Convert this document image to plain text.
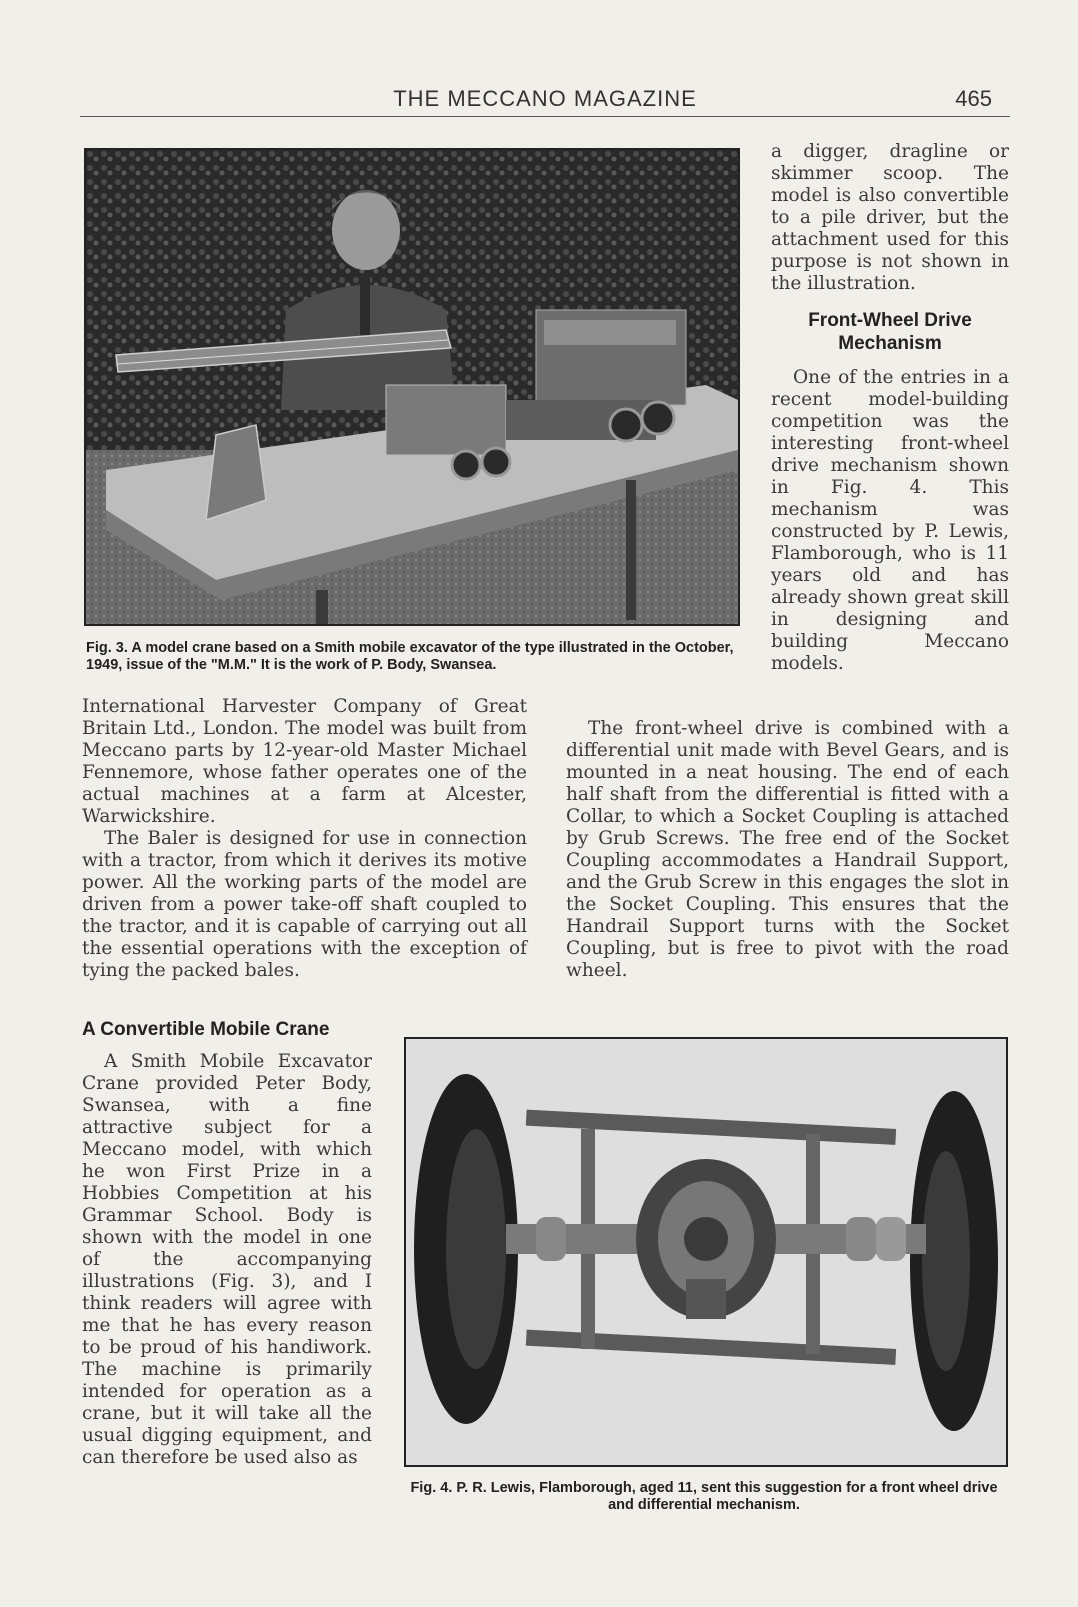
THE MECCANO MAGAZINE	465
Fig. 3. A model crane based on a Smith mobile excavator of the type illustrated in the October, 1949, issue of the "M.M." It is the work of P. Body, Swansea.

a digger, dragline or skimmer scoop. The model is also convertible to a pile driver, but the attachment used for this purpose is not shown in the illustration.

Front-Wheel Drive Mechanism

One of the entries in a recent model-building competition was the interesting front-wheel drive mechanism shown in Fig. 4. This mechanism was constructed by P. Lewis, Flamborough, who is 11 years old and has already shown great skill in designing and building Meccano models.

International Harvester Company of Great Britain Ltd., London. The model was built from Meccano parts by 12-year-old Master Michael Fennemore, whose father operates one of the actual machines at a farm at Alcester, Warwickshire.

The Baler is designed for use in connection with a tractor, from which it derives its motive power. All the working parts of the model are driven from a power take-off shaft coupled to the tractor, and it is capable of carrying out all the essential operations with the exception of tying the packed bales.

The front-wheel drive is combined with a differential unit made with Bevel Gears, and is mounted in a neat housing. The end of each half shaft from the differential is fitted with a Collar, to which a Socket Coupling is attached by Grub Screws. The free end of the Socket Coupling accommodates a Handrail Support, and the Grub Screw in this engages the slot in the Socket Coupling. This ensures that the Handrail Support turns with the Socket Coupling, but is free to pivot with the road wheel.

A Convertible Mobile Crane

A Smith Mobile Excavator Crane provided Peter Body, Swansea, with a fine attractive subject for a Meccano model, with which he won First Prize in a Hobbies Competition at his Grammar School. Body is shown with the model in one of the accompanying illustrations (Fig. 3), and I think readers will agree with me that he has every reason to be proud of his handiwork. The machine is primarily intended for operation as a crane, but it will take all the usual digging equipment, and can therefore be used also as

Fig. 4. P. R. Lewis, Flamborough, aged 11, sent this suggestion for a front wheel drive and differential mechanism.
